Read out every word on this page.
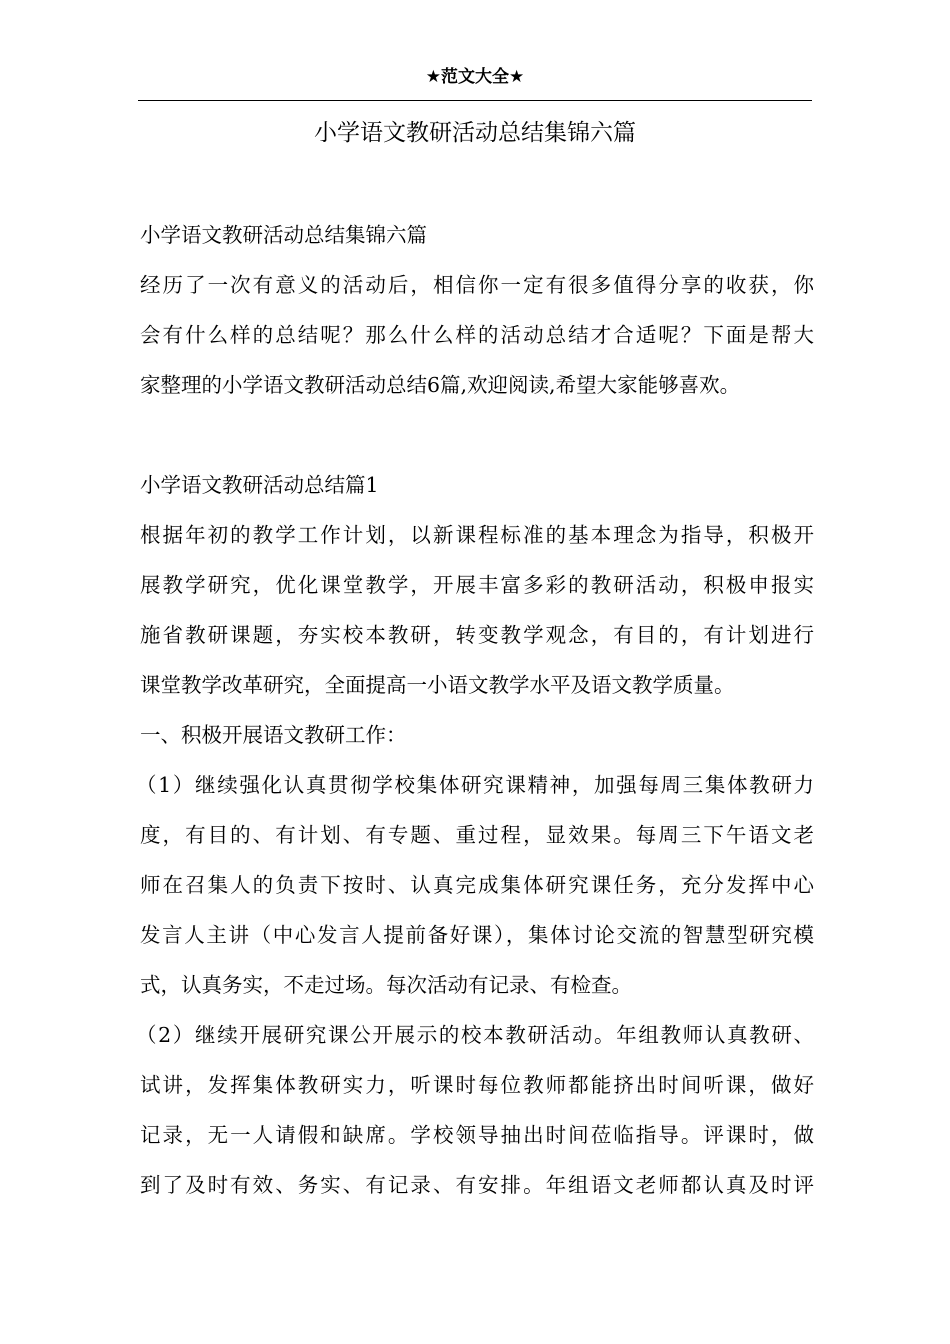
★范文大全★
小学语文教研活动总结集锦六篇
小学语文教研活动总结集锦六篇
经历了一次有意义的活动后，相信你一定有很多值得分享的收获，你
会有什么样的总结呢？那么什么样的活动总结才合适呢？下面是帮大
家整理的小学语文教研活动总结6篇,欢迎阅读,希望大家能够喜欢。
小学语文教研活动总结篇1
根据年初的教学工作计划，以新课程标准的基本理念为指导，积极开
展教学研究，优化课堂教学，开展丰富多彩的教研活动，积极申报实
施省教研课题，夯实校本教研，转变教学观念，有目的，有计划进行
课堂教学改革研究，全面提高一小语文教学水平及语文教学质量。
一、积极开展语文教研工作：
（1）继续强化认真贯彻学校集体研究课精神，加强每周三集体教研力
度，有目的、有计划、有专题、重过程，显效果。每周三下午语文老
师在召集人的负责下按时、认真完成集体研究课任务，充分发挥中心
发言人主讲（中心发言人提前备好课），集体讨论交流的智慧型研究模
式，认真务实，不走过场。每次活动有记录、有检查。
（2）继续开展研究课公开展示的校本教研活动。年组教师认真教研、
试讲，发挥集体教研实力，听课时每位教师都能挤出时间听课，做好
记录，无一人请假和缺席。学校领导抽出时间莅临指导。评课时，做
到了及时有效、务实、有记录、有安排。年组语文老师都认真及时评
